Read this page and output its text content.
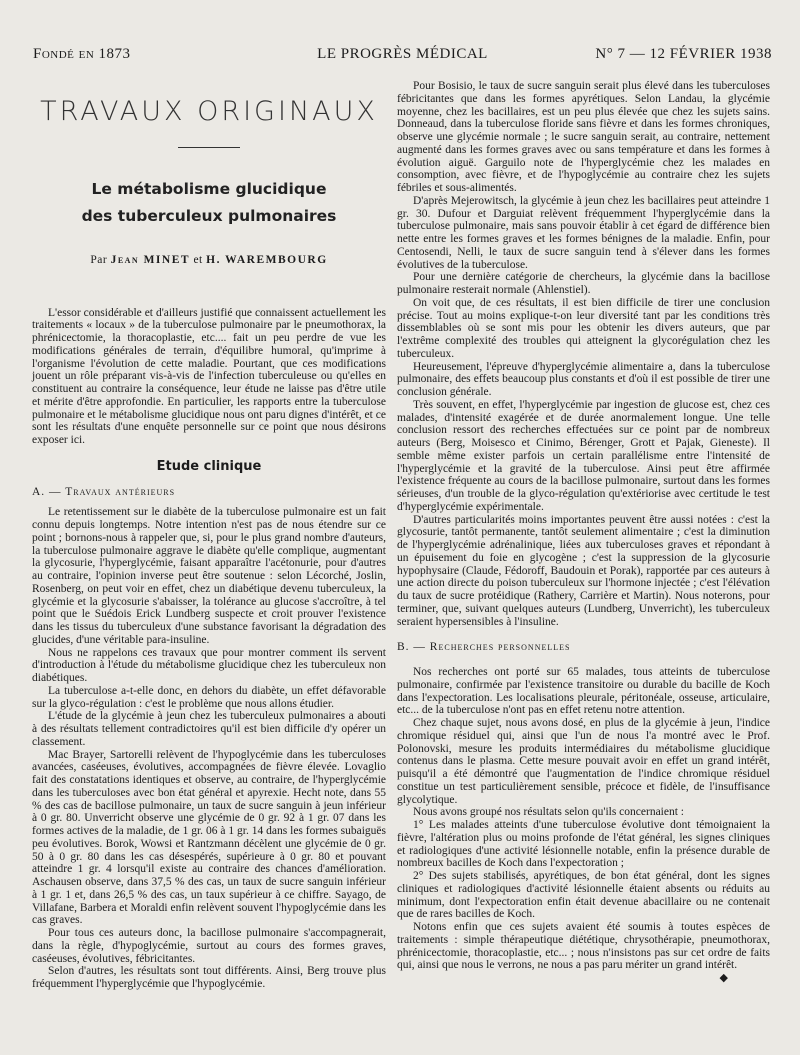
Fondé en 1873	LE PROGRÈS MÉDICAL	N° 7 — 12 FÉVRIER 1938
TRAVAUX ORIGINAUX
Le métabolisme glucidique
des tuberculeux pulmonaires
Par Jean MINET et H. WAREMBOURG

L'essor considérable et d'ailleurs justifié que connaissent actuellement les traitements « locaux » de la tuberculose pulmonaire par le pneumothorax, la phrénicectomie, la thoracoplastie, etc.... fait un peu perdre de vue les modifications générales de terrain, d'équilibre humoral, qu'imprime à l'organisme l'évolution de cette maladie. Pourtant, que ces modifications jouent un rôle préparant vis-à-vis de l'infection tuberculeuse ou qu'elles en constituent au contraire la conséquence, leur étude ne laisse pas d'être utile et mérite d'être approfondie. En particulier, les rapports entre la tuberculose pulmonaire et le métabolisme glucidique nous ont paru dignes d'intérêt, et ce sont les résultats d'une enquête personnelle sur ce point que nous désirons exposer ici.

Etude clinique

A. — Travaux antérieurs

Le retentissement sur le diabète de la tuberculose pulmonaire est un fait connu depuis longtemps. Notre intention n'est pas de nous étendre sur ce point ; bornons-nous à rappeler que, si, pour le plus grand nombre d'auteurs, la tuberculose pulmonaire aggrave le diabète qu'elle complique, augmentant la glycosurie, l'hyperglycémie, faisant apparaître l'acétonurie, pour d'autres au contraire, l'opinion inverse peut être soutenue : selon Lécorché, Joslin, Rosenberg, on peut voir en effet, chez un diabétique devenu tuberculeux, la glycémie et la glycosurie s'abaisser, la tolérance au glucose s'accroître, à tel point que le Suédois Erick Lundberg suspecte et croit prouver l'existence dans les tissus du tuberculeux d'une substance favorisant la dégradation des glucides, d'une véritable para-insuline.

Nous ne rappelons ces travaux que pour montrer comment ils servent d'introduction à l'étude du métabolisme glucidique chez les tuberculeux non diabétiques.

La tuberculose a-t-elle donc, en dehors du diabète, un effet défavorable sur la glyco-régulation : c'est le problème que nous allons étudier.

L'étude de la glycémie à jeun chez les tuberculeux pulmonaires a abouti à des résultats tellement contradictoires qu'il est bien difficile d'y opérer un classement.

Mac Brayer, Sartorelli relèvent de l'hypoglycémie dans les tuberculoses avancées, caséeuses, évolutives, accompagnées de fièvre élevée. Lovaglio fait des constatations identiques et observe, au contraire, de l'hyperglycémie dans les tuberculoses avec bon état général et apyrexie. Hecht note, dans 55 % des cas de bacillose pulmonaire, un taux de sucre sanguin à jeun inférieur à 0 gr. 80. Unverricht observe une glycémie de 0 gr. 92 à 1 gr. 07 dans les formes actives de la maladie, de 1 gr. 06 à 1 gr. 14 dans les formes subaiguës peu évolutives. Borok, Wowsi et Rantzmann décèlent une glycémie de 0 gr. 50 à 0 gr. 80 dans les cas désespérés, supérieure à 0 gr. 80 et pouvant atteindre 1 gr. 4 lorsqu'il existe au contraire des chances d'amélioration. Aschausen observe, dans 37,5 % des cas, un taux de sucre sanguin inférieur à 1 gr. 1 et, dans 26,5 % des cas, un taux supérieur à ce chiffre. Sayago, de Villafane, Barbera et Moraldi enfin relèvent souvent l'hypoglycémie dans les cas graves.

Pour tous ces auteurs donc, la bacillose pulmonaire s'accompagnerait, dans la règle, d'hypoglycémie, surtout au cours des formes graves, caséeuses, évolutives, fébricitantes.

Selon d'autres, les résultats sont tout différents. Ainsi, Berg trouve plus fréquemment l'hyperglycémie que l'hypoglycémie.

Pour Bosisio, le taux de sucre sanguin serait plus élevé dans les tuberculoses fébricitantes que dans les formes apyrétiques. Selon Landau, la glycémie moyenne, chez les bacillaires, est un peu plus élevée que chez les sujets sains. Donneaud, dans la tuberculose floride sans fièvre et dans les formes chroniques, observe une glycémie normale ; le sucre sanguin serait, au contraire, nettement augmenté dans les formes graves avec ou sans température et dans les formes à évolution aiguë. Garguilo note de l'hyperglycémie chez les malades en consomption, avec fièvre, et de l'hypoglycémie au contraire chez les sujets fébriles et sous-alimentés.

D'après Mejerowitsch, la glycémie à jeun chez les bacillaires peut atteindre 1 gr. 30. Dufour et Darguiat relèvent fréquemment l'hyperglycémie dans la tuberculose pulmonaire, mais sans pouvoir établir à cet égard de différence bien nette entre les formes graves et les formes bénignes de la maladie. Enfin, pour Centosendi, Nelli, le taux de sucre sanguin tend à s'élever dans les formes évolutives de la tuberculose.

Pour une dernière catégorie de chercheurs, la glycémie dans la bacillose pulmonaire resterait normale (Ahlenstiel).

On voit que, de ces résultats, il est bien difficile de tirer une conclusion précise. Tout au moins explique-t-on leur diversité tant par les conditions très dissemblables où se sont mis pour les obtenir les divers auteurs, que par l'extrême complexité des troubles qui atteignent la glycorégulation chez les tuberculeux.

Heureusement, l'épreuve d'hyperglycémie alimentaire a, dans la tuberculose pulmonaire, des effets beaucoup plus constants et d'où il est possible de tirer une conclusion générale.

Très souvent, en effet, l'hyperglycémie par ingestion de glucose est, chez ces malades, d'intensité exagérée et de durée anormalement longue. Une telle conclusion ressort des recherches effectuées sur ce point par de nombreux auteurs (Berg, Moisesco et Cinimo, Bérenger, Grott et Pajak, Gieneste). Il semble même exister parfois un certain parallélisme entre l'intensité de l'hyperglycémie et la gravité de la tuberculose. Ainsi peut être affirmée l'existence fréquente au cours de la bacillose pulmonaire, surtout dans les formes sérieuses, d'un trouble de la glyco-régulation qu'extériorise avec certitude le test d'hyperglycémie expérimentale.

D'autres particularités moins importantes peuvent être aussi notées : c'est la glycosurie, tantôt permanente, tantôt seulement alimentaire ; c'est la diminution de l'hyperglycémie adrénalinique, liées aux tuberculoses graves et répondant à un épuisement du foie en glycogène ; c'est la suppression de la glycosurie hypophysaire (Claude, Fédoroff, Baudouin et Porak), rapportée par ces auteurs à une action directe du poison tuberculeux sur l'hormone injectée ; c'est l'élévation du taux de sucre protéidique (Rathery, Carrière et Martin). Nous noterons, pour terminer, que, suivant quelques auteurs (Lundberg, Unverricht), les tuberculeux seraient hypersensibles à l'insuline.

B. — Recherches personnelles

Nos recherches ont porté sur 65 malades, tous atteints de tuberculose pulmonaire, confirmée par l'existence transitoire ou durable du bacille de Koch dans l'expectoration. Les localisations pleurale, péritonéale, osseuse, articulaire, etc... de la tuberculose n'ont pas en effet retenu notre attention.

Chez chaque sujet, nous avons dosé, en plus de la glycémie à jeun, l'indice chromique résiduel qui, ainsi que l'un de nous l'a montré avec le Prof. Polonovski, mesure les produits intermédiaires du métabolisme glucidique contenus dans le plasma. Cette mesure pouvait avoir en effet un grand intérêt, puisqu'il a été démontré que l'augmentation de l'indice chromique résiduel constitue un test particulièrement sensible, précoce et fidèle, de l'insuffisance glycolytique.

Nous avons groupé nos résultats selon qu'ils concernaient :

1° Les malades atteints d'une tuberculose évolutive dont témoignaient la fièvre, l'altération plus ou moins profonde de l'état général, les signes cliniques et radiologiques d'une activité lésionnelle notable, enfin la présence durable de nombreux bacilles de Koch dans l'expectoration ;

2° Des sujets stabilisés, apyrétiques, de bon état général, dont les signes cliniques et radiologiques d'activité lésionnelle étaient absents ou réduits au minimum, dont l'expectoration enfin était devenue abacillaire ou ne contenait que de rares bacilles de Koch.

Notons enfin que ces sujets avaient été soumis à toutes espèces de traitements : simple thérapeutique diététique, chrysothérapie, pneumothorax, phrénicectomie, thoracoplastie, etc... ; nous n'insistons pas sur cet ordre de faits qui, ainsi que nous le verrons, ne nous a pas paru mériter un grand intérêt.

◆
